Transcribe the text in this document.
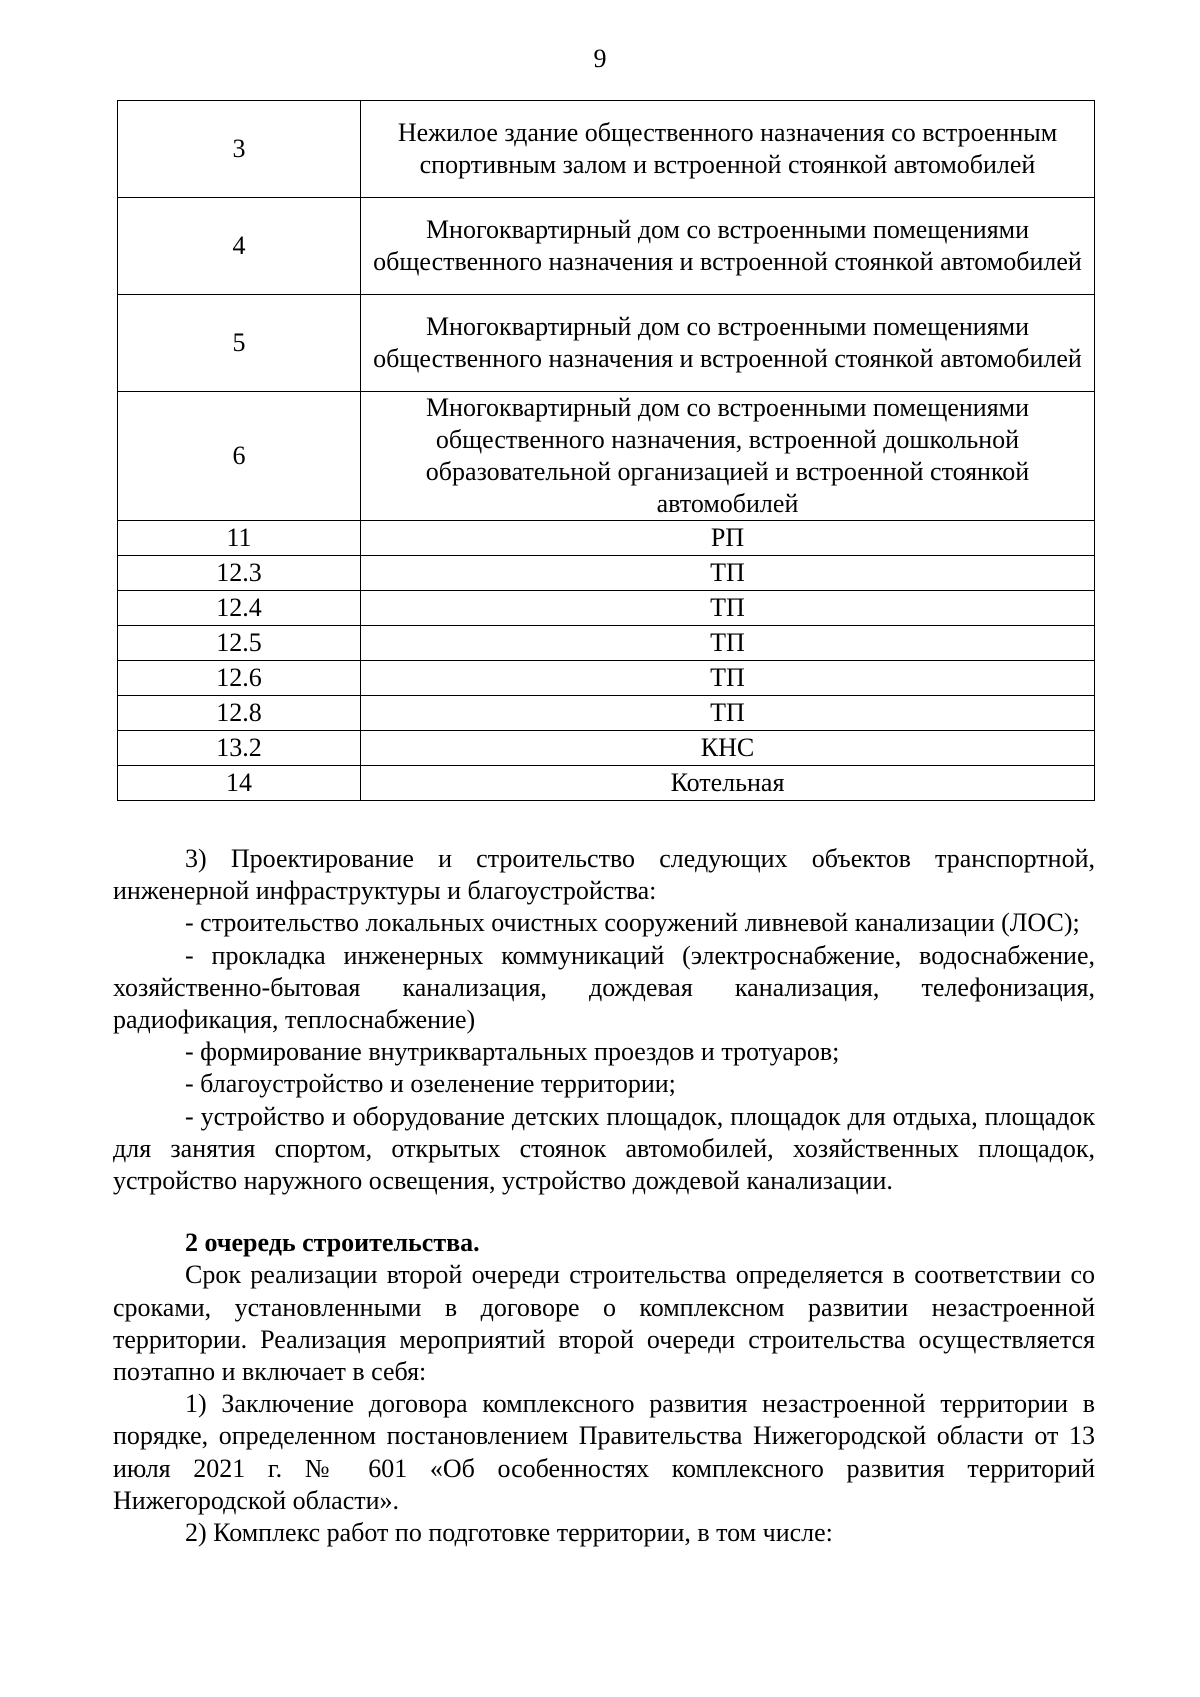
9
3	Нежилое здание общественного назначения со встроенным спортивным залом и встроенной стоянкой автомобилей
4	Многоквартирный дом со встроенными помещениями общественного назначения и встроенной стоянкой автомобилей
5	Многоквартирный дом со встроенными помещениями общественного назначения и встроенной стоянкой автомобилей
6	Многоквартирный дом со встроенными помещениями общественного назначения, встроенной дошкольной образовательной организацией и встроенной стоянкой автомобилей
11	РП
12.3	ТП
12.4	ТП
12.5	ТП
12.6	ТП
12.8	ТП
13.2	КНС
14	Котельная

3) Проектирование и строительство следующих объектов транспортной, инженерной инфраструктуры и благоустройства:

- строительство локальных очистных сооружений ливневой канализации (ЛОС);

- прокладка инженерных коммуникаций (электроснабжение, водоснабжение, хозяйственно-бытовая канализация, дождевая канализация, телефонизация, радиофикация, теплоснабжение)

- формирование внутриквартальных проездов и тротуаров;

- благоустройство и озеленение территории;

- устройство и оборудование детских площадок, площадок для отдыха, площадок для занятия спортом, открытых стоянок автомобилей, хозяйственных площадок, устройство наружного освещения, устройство дождевой канализации.

2 очередь строительства.

Срок реализации второй очереди строительства определяется в соответствии со сроками, установленными в договоре о комплексном развитии незастроенной территории. Реализация мероприятий второй очереди строительства осуществляется поэтапно и включает в себя:

1) Заключение договора комплексного развития незастроенной территории в порядке, определенном постановлением Правительства Нижегородской области от 13 июля 2021 г. № 601 «Об особенностях комплексного развития территорий Нижегородской области».

2) Комплекс работ по подготовке территории, в том числе:
